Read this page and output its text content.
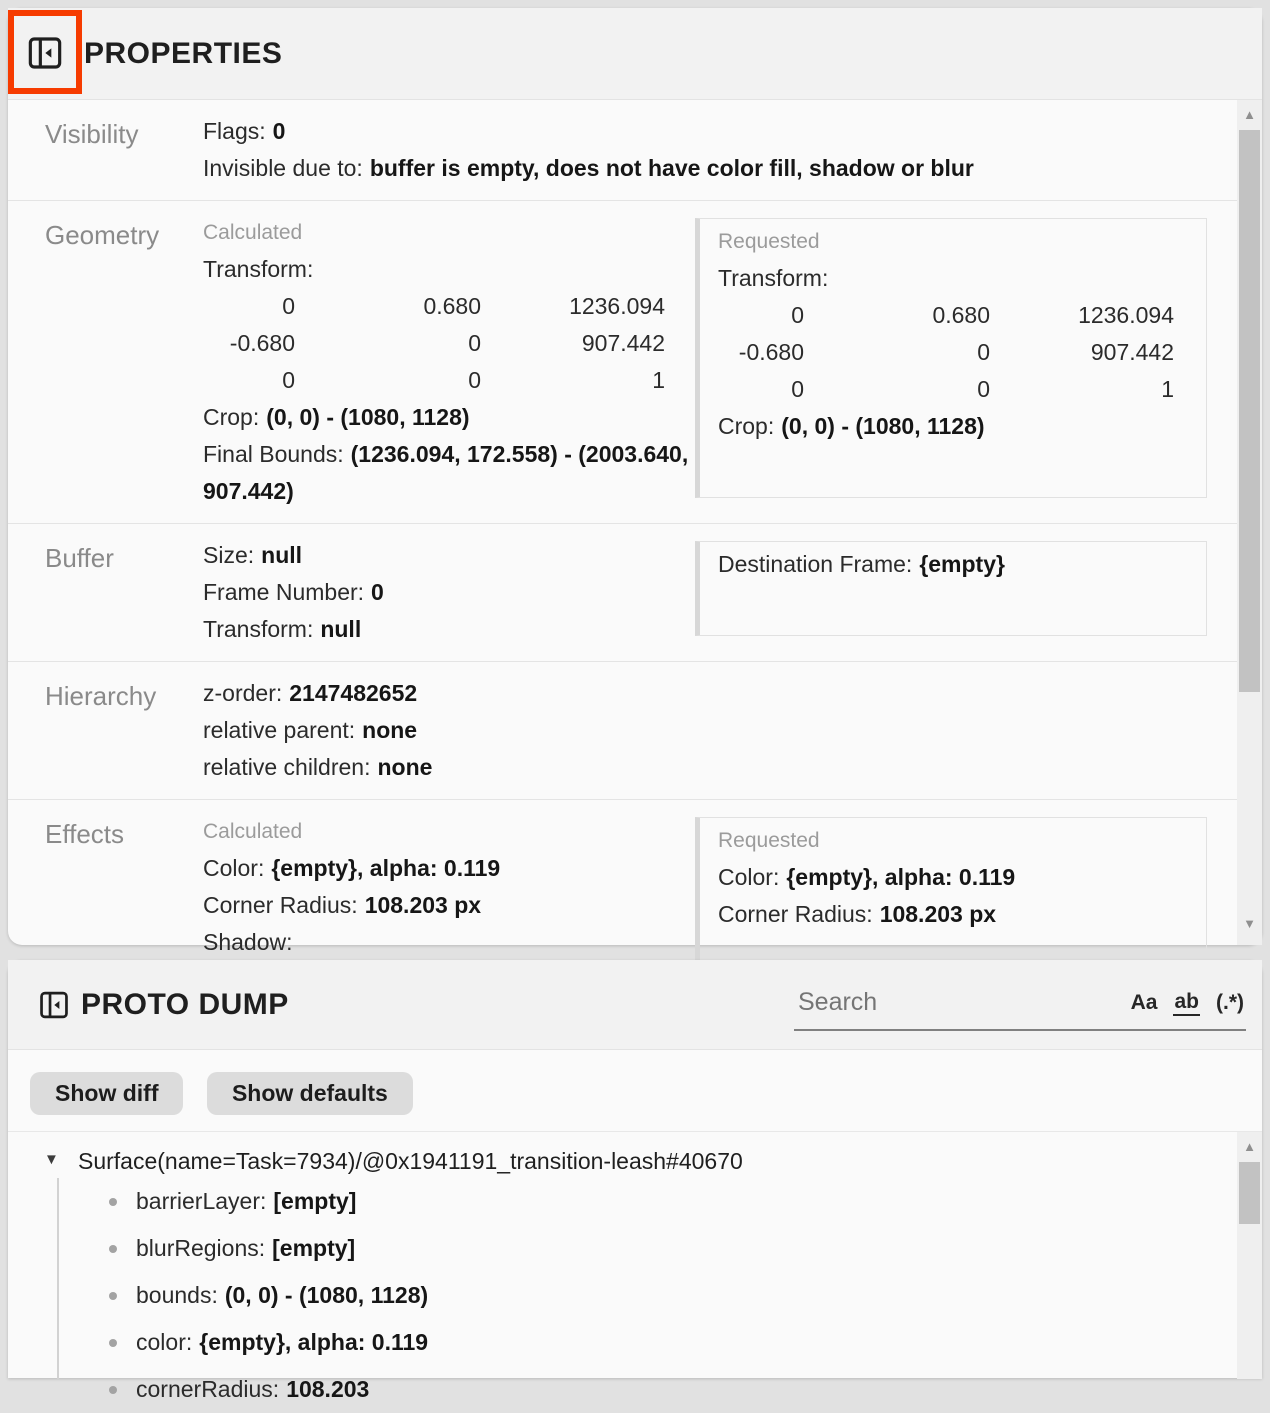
PROPERTIES
Visibility	Flags: 0
Invisible due to: buffer is empty, does not have color fill, shadow or blur
Geometry	Calculated
Transform:
0	0.680	1236.094
-0.680	0	907.442
0	0	1
Crop: (0, 0) - (1080, 1128)
Final Bounds: (1236.094, 172.558) - (2003.640, 907.442)
Requested
Transform:
0	0.680	1236.094
-0.680	0	907.442
0	0	1
Crop: (0, 0) - (1080, 1128)
Buffer	Size: null
Frame Number: 0
Transform: null
Destination Frame: {empty}
Hierarchy	z-order: 2147482652
relative parent: none
relative children: none
Effects	Calculated
Color: {empty}, alpha: 0.119
Corner Radius: 108.203 px
Shadow:
Requested
Color: {empty}, alpha: 0.119
Corner Radius: 108.203 px
▲
▼
PROTO DUMP	Search	Aa ab (.*)
Show diff	Show defaults
▼ Surface(name=Task=7934)/@0x1941191_transition-leash#40670
barrierLayer: [empty]
blurRegions: [empty]
bounds: (0, 0) - (1080, 1128)
color: {empty}, alpha: 0.119
cornerRadius: 108.203
▲
